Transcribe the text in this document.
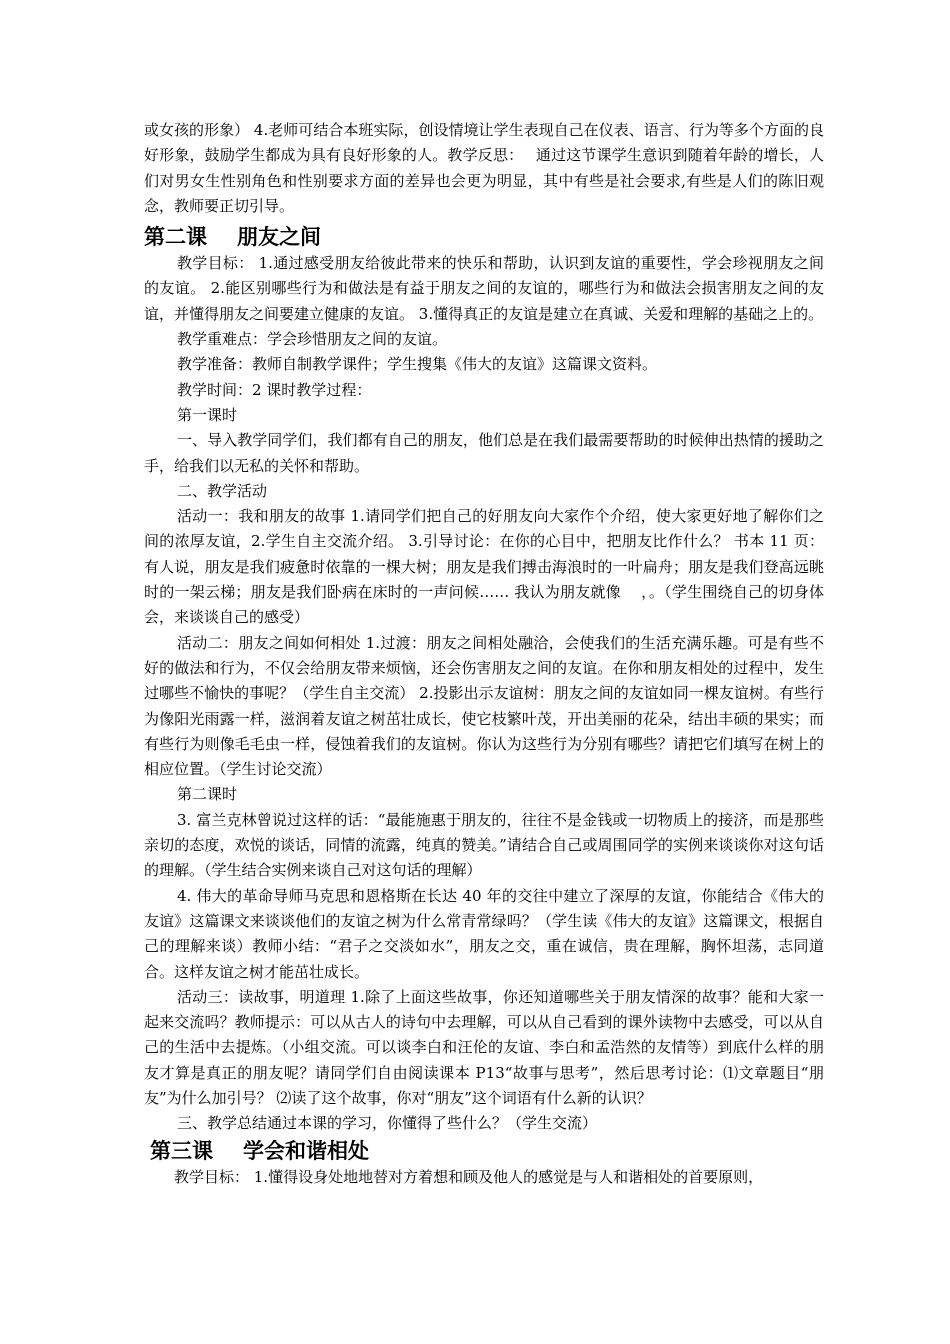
或女孩的形象） 4.老师可结合本班实际，创设情境让学生表现自己在仪表、语言、行为等多个方面的良好形象，鼓励学生都成为具有良好形象的人。教学反思：　 通过这节课学生意识到随着年龄的增长，人们对男女生性别角色和性别要求方面的差异也会更为明显，其中有些是社会要求,有些是人们的陈旧观念，教师要正切引导。

第二课 朋友之间

教学目标： 1.通过感受朋友给彼此带来的快乐和帮助，认识到友谊的重要性，学会珍视朋友之间的友谊。 2.能区别哪些行为和做法是有益于朋友之间的友谊的，哪些行为和做法会损害朋友之间的友谊，并懂得朋友之间要建立健康的友谊。 3.懂得真正的友谊是建立在真诚、关爱和理解的基础之上的。

教学重难点：学会珍惜朋友之间的友谊。

教学准备：教师自制教学课件；学生搜集《伟大的友谊》这篇课文资料。

教学时间：2 课时教学过程：

第一课时

一、导入教学同学们，我们都有自己的朋友，他们总是在我们最需要帮助的时候伸出热情的援助之手，给我们以无私的关怀和帮助。

二、教学活动

活动一：我和朋友的故事 1.请同学们把自己的好朋友向大家作个介绍，使大家更好地了解你们之间的浓厚友谊，2.学生自主交流介绍。 3.引导讨论：在你的心目中，把朋友比作什么？ 书本 11 页：有人说，朋友是我们疲惫时依靠的一棵大树；朋友是我们搏击海浪时的一叶扁舟；朋友是我们登高远眺时的一架云梯；朋友是我们卧病在床时的一声问候…… 我认为朋友就像　 ，。（学生围绕自己的切身体会，来谈谈自己的感受）

活动二：朋友之间如何相处 1.过渡：朋友之间相处融洽，会使我们的生活充满乐趣。可是有些不好的做法和行为，不仅会给朋友带来烦恼，还会伤害朋友之间的友谊。在你和朋友相处的过程中，发生过哪些不愉快的事呢？（学生自主交流） 2.投影出示友谊树：朋友之间的友谊如同一棵友谊树。有些行为像阳光雨露一样，滋润着友谊之树茁壮成长，使它枝繁叶茂，开出美丽的花朵，结出丰硕的果实；而有些行为则像毛毛虫一样，侵蚀着我们的友谊树。你认为这些行为分别有哪些？请把它们填写在树上的相应位置。（学生讨论交流）

第二课时

3. 富兰克林曾说过这样的话：“最能施惠于朋友的，往往不是金钱或一切物质上的接济，而是那些亲切的态度，欢悦的谈话，同情的流露，纯真的赞美。”请结合自己或周围同学的实例来谈谈你对这句话的理解。（学生结合实例来谈自己对这句话的理解）

4. 伟大的革命导师马克思和恩格斯在长达 40 年的交往中建立了深厚的友谊，你能结合《伟大的友谊》这篇课文来谈谈他们的友谊之树为什么常青常绿吗？（学生读《伟大的友谊》这篇课文，根据自己的理解来谈）教师小结：“君子之交淡如水”，朋友之交，重在诚信，贵在理解，胸怀坦荡，志同道合。这样友谊之树才能茁壮成长。

活动三：读故事，明道理 1.除了上面这些故事，你还知道哪些关于朋友情深的故事？能和大家一起来交流吗？教师提示：可以从古人的诗句中去理解，可以从自己看到的课外读物中去感受，可以从自己的生活中去提炼。（小组交流。可以谈李白和汪伦的友谊、李白和孟浩然的友情等）到底什么样的朋友才算是真正的朋友呢？请同学们自由阅读课本 P13“故事与思考”，然后思考讨论：⑴文章题目“朋友”为什么加引号？ ⑵读了这个故事，你对“朋友”这个词语有什么新的认识？

三、教学总结通过本课的学习，你懂得了些什么？（学生交流）

第三课 学会和谐相处

教学目标： 1.懂得设身处地地替对方着想和顾及他人的感觉是与人和谐相处的首要原则，
